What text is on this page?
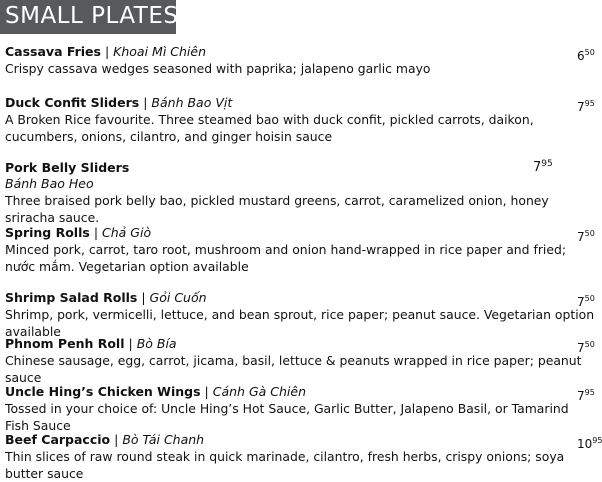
SMALL PLATES
Cassava Fries | Khoai Mì Chiên
Crispy cassava wedges seasoned with paprika; jalapeno garlic mayo
$6^{50}$
Duck Confit Sliders | Bánh Bao Vịt
A Broken Rice favourite. Three steamed bao with duck confit, pickled carrots, daikon, cucumbers, onions, cilantro, and ginger hoisin sauce
$7^{95}$
Pork Belly Sliders
Bánh Bao Heo
Three braised pork belly bao, pickled mustard greens, carrot, caramelized onion, honey sriracha sauce.
$7^{95}$
Spring Rolls | Chả Giò
Minced pork, carrot, taro root, mushroom and onion hand-wrapped in rice paper and fried; nước mắm. Vegetarian option available
$7^{50}$
Shrimp Salad Rolls | Gỏi Cuốn
Shrimp, pork, vermicelli, lettuce, and bean sprout, rice paper; peanut sauce. Vegetarian option available
$7^{50}$
Phnom Penh Roll | Bò Bía
Chinese sausage, egg, carrot, jicama, basil, lettuce & peanuts wrapped in rice paper; peanut sauce
$7^{50}$
Uncle Hing’s Chicken Wings | Cánh Gà Chiên
Tossed in your choice of: Uncle Hing’s Hot Sauce, Garlic Butter, Jalapeno Basil, or Tamarind Fish Sauce
$7^{95}$
Beef Carpaccio | Bò Tái Chanh
Thin slices of raw round steak in quick marinade, cilantro, fresh herbs, crispy onions; soya butter sauce
$10^{95}$
